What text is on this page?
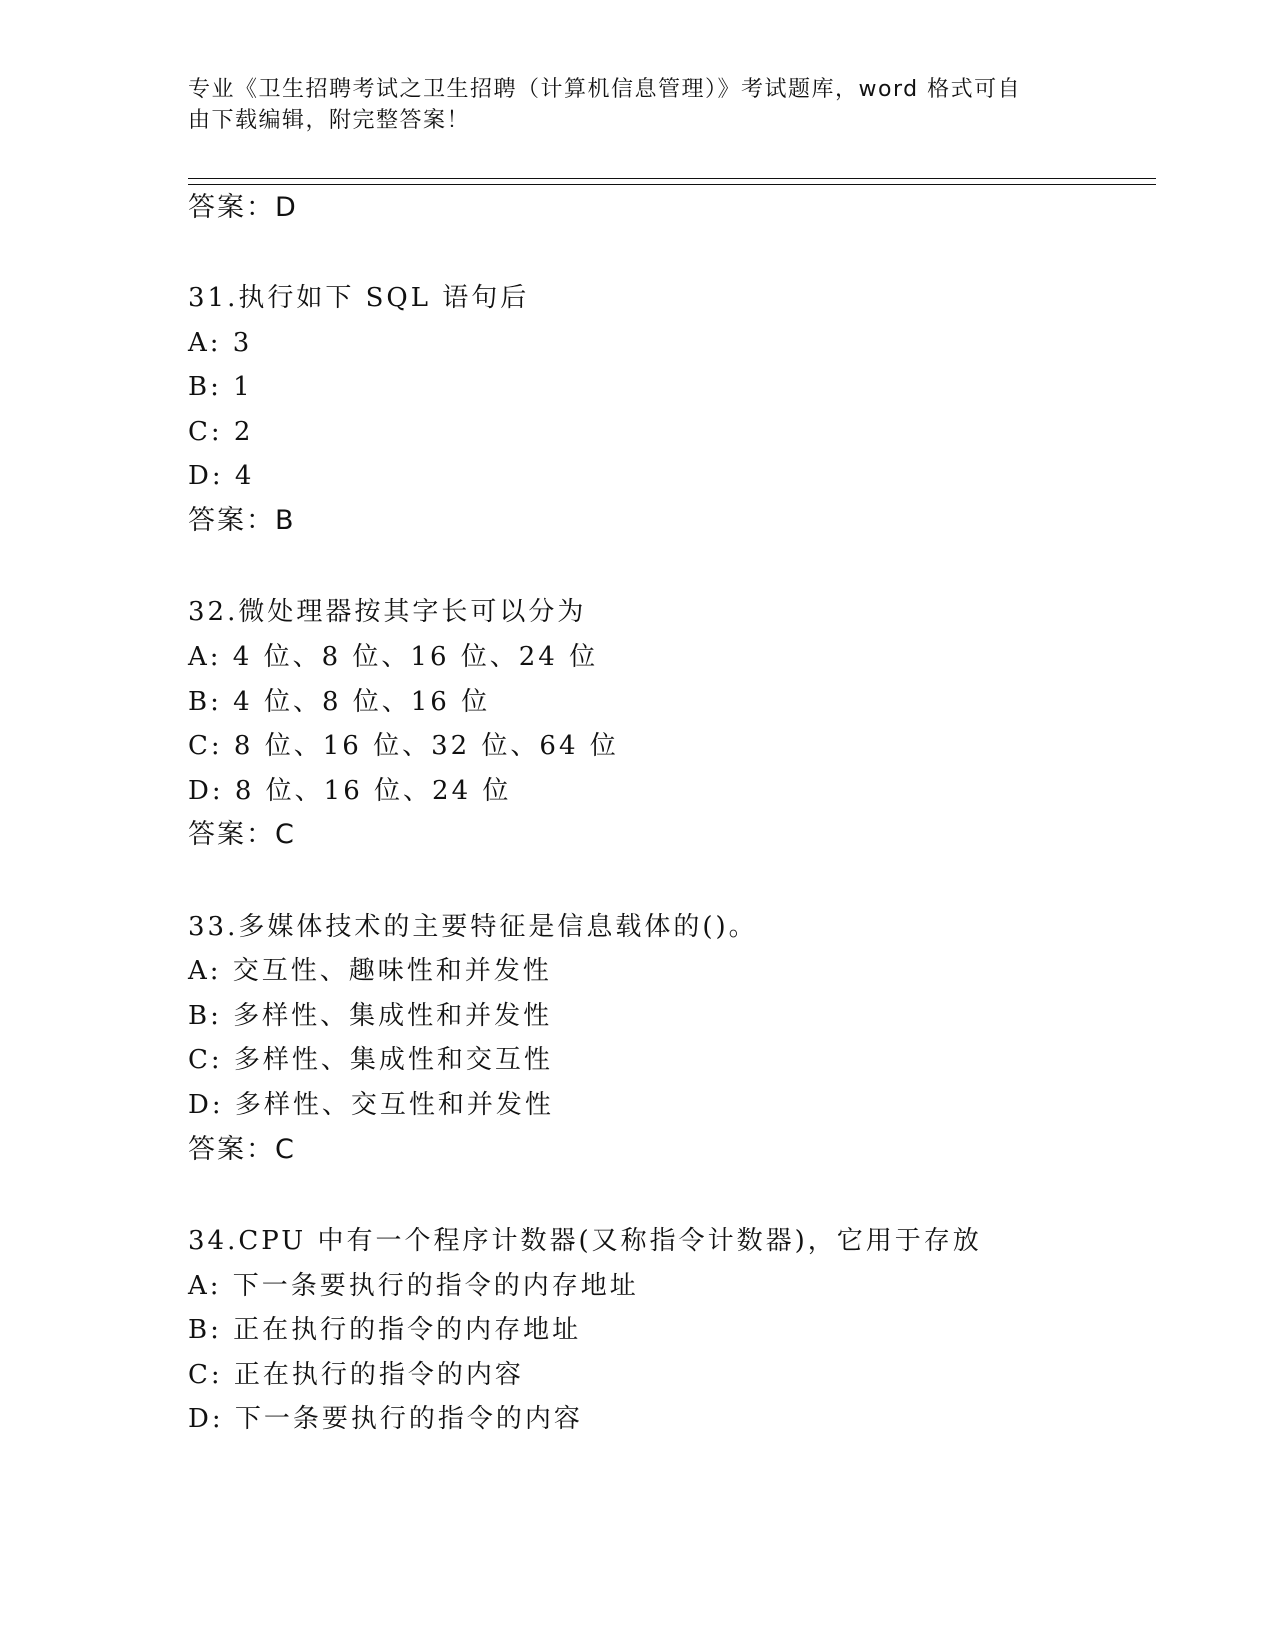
专业《卫生招聘考试之卫生招聘（计算机信息管理）》考试题库，word 格式可自
由下载编辑，附完整答案！
答案：D
31.执行如下 SQL 语句后
A: 3
B: 1
C: 2
D: 4
答案：B
32.微处理器按其字长可以分为
A: 4 位、8 位、16 位、24 位
B: 4 位、8 位、16 位
C: 8 位、16 位、32 位、64 位
D: 8 位、16 位、24 位
答案：C
33.多媒体技术的主要特征是信息载体的()。
A: 交互性、趣味性和并发性
B: 多样性、集成性和并发性
C: 多样性、集成性和交互性
D: 多样性、交互性和并发性
答案：C
34.CPU 中有一个程序计数器(又称指令计数器)，它用于存放
A: 下一条要执行的指令的内存地址
B: 正在执行的指令的内存地址
C: 正在执行的指令的内容
D: 下一条要执行的指令的内容
